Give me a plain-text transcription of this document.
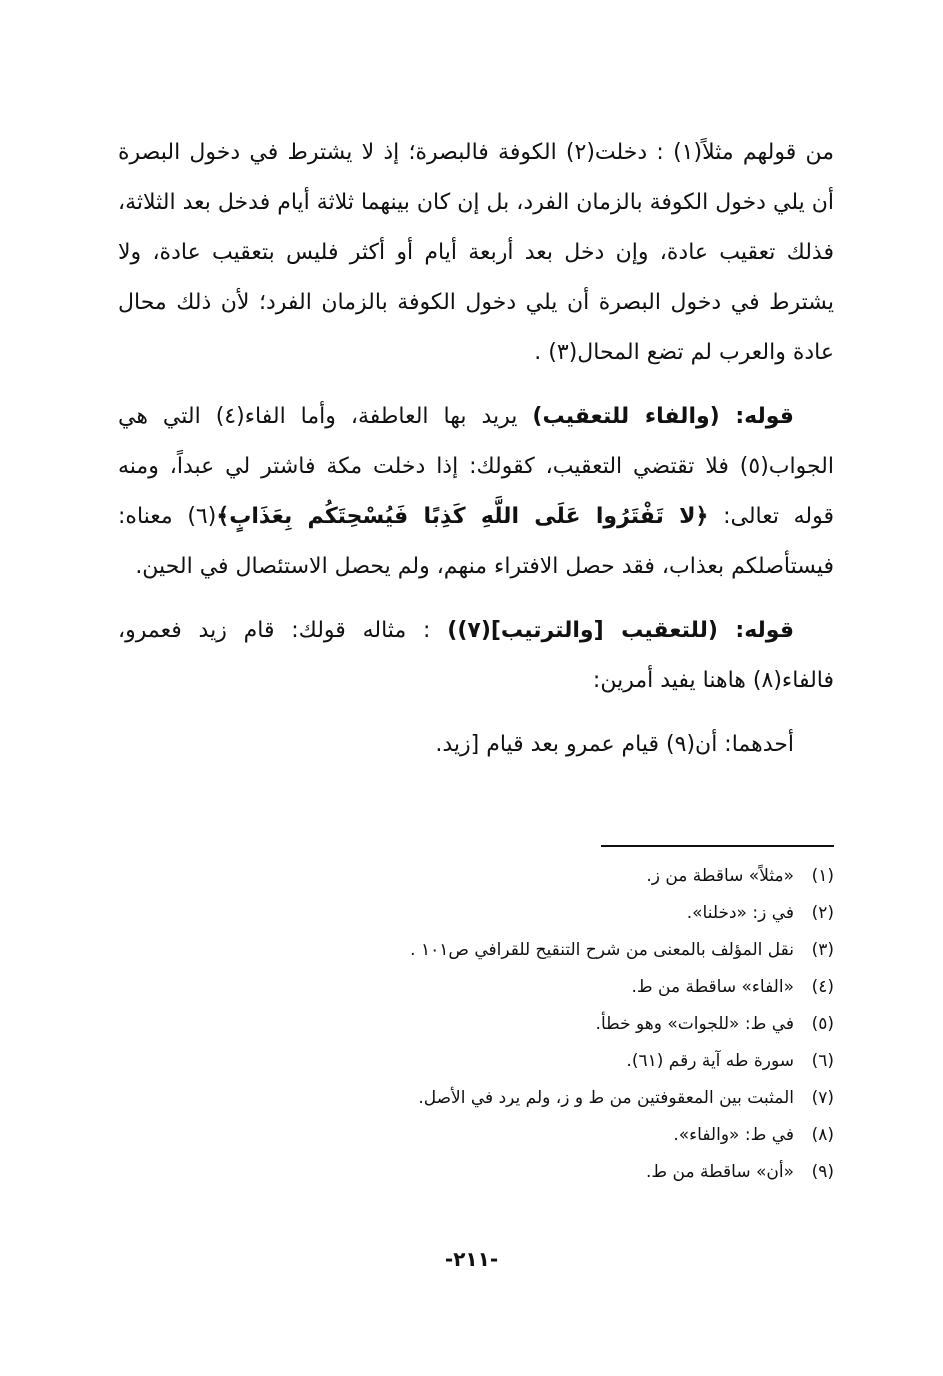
من قولهم مثلاً(١) : دخلت(٢) الكوفة فالبصرة؛ إذ لا يشترط في دخول البصرة أن يلي دخول الكوفة بالزمان الفرد، بل إن كان بينهما ثلاثة أيام فدخل بعد الثلاثة، فذلك تعقيب عادة، وإن دخل بعد أربعة أيام أو أكثر فليس بتعقيب عادة، ولا يشترط في دخول البصرة أن يلي دخول الكوفة بالزمان الفرد؛ لأن ذلك محال عادة والعرب لم تضع المحال(٣) .

قوله: (والفاء للتعقيب) يريد بها العاطفة، وأما الفاء(٤) التي هي الجواب(٥) فلا تقتضي التعقيب، كقولك: إذا دخلت مكة فاشتر لي عبداً، ومنه قوله تعالى: ﴿لا تَفْتَرُوا عَلَى اللَّهِ كَذِبًا فَيُسْحِتَكُم بِعَذَابٍ﴾(٦) معناه: فيستأصلكم بعذاب، فقد حصل الافتراء منهم، ولم يحصل الاستئصال في الحين.

قوله: (للتعقيب [والترتيب](٧)) : مثاله قولك: قام زيد فعمرو، فالفاء(٨) هاهنا يفيد أمرين:

أحدهما: أن(٩) قيام عمرو بعد قيام [زيد.

(١)
«مثلاً» ساقطة من ز.
(٢)
في ز: «دخلنا».
(٣)
نقل المؤلف بالمعنى من شرح التنقيح للقرافي ص١٠١ .
(٤)
«الفاء» ساقطة من ط.
(٥)
في ط: «للجوات» وهو خطأ.
(٦)
سورة طه آية رقم (٦١).
(٧)
المثبت بين المعقوفتين من ط و ز، ولم يرد في الأصل.
(٨)
في ط: «والفاء».
(٩)
«أن» ساقطة من ط.
-٢١١-
